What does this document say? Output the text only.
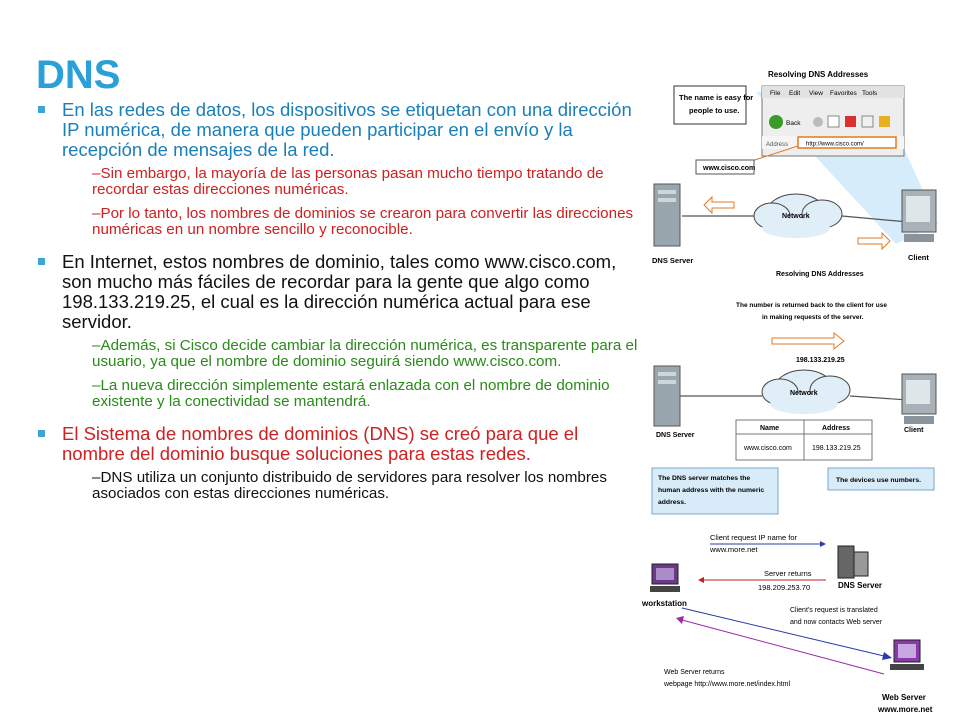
DNS
En las redes de datos, los dispositivos se etiquetan con una dirección IP numérica, de manera que pueden participar en el envío y la recepción de mensajes de la red.
–Sin embargo, la mayoría de las personas pasan mucho tiempo tratando de recordar estas direcciones numéricas.
–Por lo tanto, los nombres de dominios se crearon para convertir las direcciones numéricas en un nombre sencillo y reconocible.
En Internet, estos nombres de dominio, tales como www.cisco.com, son mucho más fáciles de recordar para la gente que algo como 198.133.219.25, el cual es la dirección numérica actual para ese servidor.
–Además, si Cisco decide cambiar la dirección numérica, es transparente para el usuario, ya que el nombre de dominio seguirá siendo www.cisco.com.
–La nueva dirección simplemente estará enlazada con el nombre de dominio existente y la conectividad se mantendrá.
El Sistema de nombres de dominios (DNS) se creó para que el nombre del dominio busque soluciones para estas redes.
–DNS utiliza un conjunto distribuido de servidores para resolver los nombres asociados con estas direcciones numéricas.
Resolving DNS Addresses
File Edit View Favorites Tools
Back
Address	http://www.cisco.com/
The name is easy for
people to use.
www.cisco.com
Network
DNS Server	Client
Resolving DNS Addresses
The number is returned back to the client for use
in making requests of the server.
198.133.219.25
Network
DNS Server
Client
Name	Address
www.cisco.com	198.133.219.25
The DNS server matches the
human address with the numeric
address.
The devices use numbers.
Client request IP name for
www.more.net
Server returns
198.209.253.70	DNS Server
workstation
Client's request is translated
and now contacts Web server
Web Server returns
webpage http://www.more.net/index.html
Web Server
www.more.net
